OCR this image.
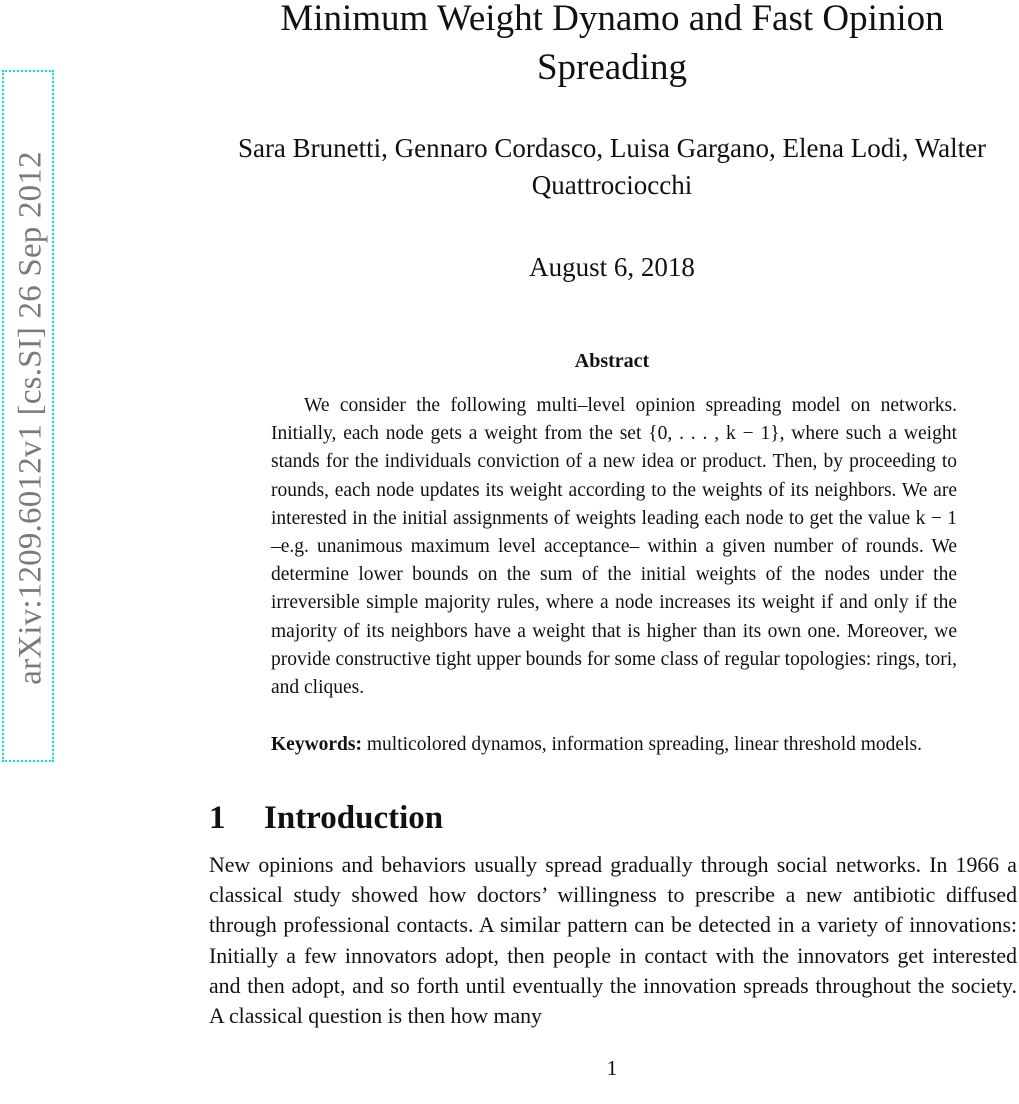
arXiv:1209.6012v1 [cs.SI] 26 Sep 2012
Minimum Weight Dynamo and Fast Opinion Spreading
Sara Brunetti, Gennaro Cordasco, Luisa Gargano, Elena Lodi, Walter Quattrociocchi
August 6, 2018
Abstract

We consider the following multi–level opinion spreading model on networks. Initially, each node gets a weight from the set {0, . . . , k − 1}, where such a weight stands for the individuals conviction of a new idea or product. Then, by proceeding to rounds, each node updates its weight according to the weights of its neighbors. We are interested in the initial assignments of weights leading each node to get the value k − 1 –e.g. unanimous maximum level acceptance– within a given number of rounds. We determine lower bounds on the sum of the initial weights of the nodes under the irreversible simple majority rules, where a node increases its weight if and only if the majority of its neighbors have a weight that is higher than its own one. Moreover, we provide constructive tight upper bounds for some class of regular topologies: rings, tori, and cliques.

Keywords: multicolored dynamos, information spreading, linear threshold models.

1 Introduction

New opinions and behaviors usually spread gradually through social networks. In 1966 a classical study showed how doctors’ willingness to prescribe a new antibiotic diffused through professional contacts. A similar pattern can be detected in a variety of innovations: Initially a few innovators adopt, then people in contact with the innovators get interested and then adopt, and so forth until eventually the innovation spreads throughout the society. A classical question is then how many

1
